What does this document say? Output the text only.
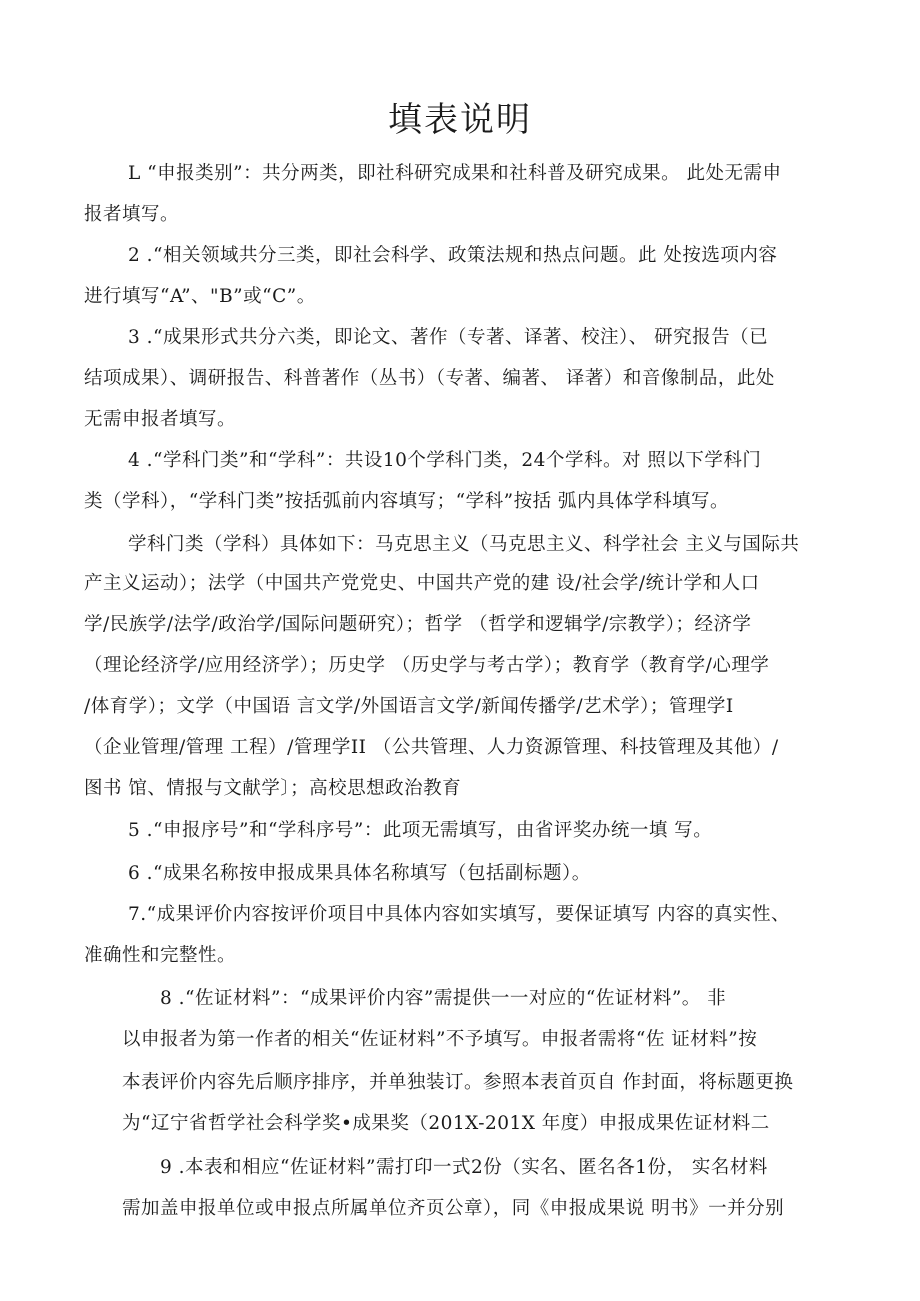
填表说明
L “申报类别”：共分两类，即社科研究成果和社科普及研究成果。 此处无需申
报者填写。
2 .“相关领域共分三类，即社会科学、政策法规和热点问题。此 处按选项内容
进行填写“A”、"B”或“C”。
3 .“成果形式共分六类，即论文、著作（专著、译著、校注）、 研究报告（已
结项成果）、调研报告、科普著作（丛书）（专著、编著、 译著）和音像制品，此处
无需申报者填写。
4 .“学科门类”和“学科”：共设10个学科门类，24个学科。对 照以下学科门
类（学科），“学科门类”按括弧前内容填写；“学科”按括 弧内具体学科填写。
学科门类（学科）具体如下：马克思主义（马克思主义、科学社会 主义与国际共
产主义运动）；法学（中国共产党党史、中国共产党的建 设/社会学/统计学和人口
学/民族学/法学/政治学/国际问题研究）；哲学 （哲学和逻辑学/宗教学）；经济学
（理论经济学/应用经济学）；历史学 （历史学与考古学）；教育学（教育学/心理学
/体育学）；文学（中国语 言文学/外国语言文学/新闻传播学/艺术学）；管理学I
（企业管理/管理 工程）/管理学II （公共管理、人力资源管理、科技管理及其他）/
图书 馆、情报与文献学〕；高校思想政治教育
5 .“申报序号”和“学科序号”：此项无需填写，由省评奖办统一填 写。
6 .“成果名称按申报成果具体名称填写（包括副标题）。
7.“成果评价内容按评价项目中具体内容如实填写，要保证填写 内容的真实性、
准确性和完整性。
8 .“佐证材料”：“成果评价内容”需提供一一对应的“佐证材料”。 非
以申报者为第一作者的相关“佐证材料”不予填写。申报者需将“佐 证材料”按
本表评价内容先后顺序排序，并单独装订。参照本表首页自 作封面，将标题更换
为“辽宁省哲学社会科学奖•成果奖（201X-201X 年度）申报成果佐证材料二
9 .本表和相应“佐证材料”需打印一式2份（实名、匿名各1份， 实名材料
需加盖申报单位或申报点所属单位齐页公章），同《申报成果说 明书》一并分别
